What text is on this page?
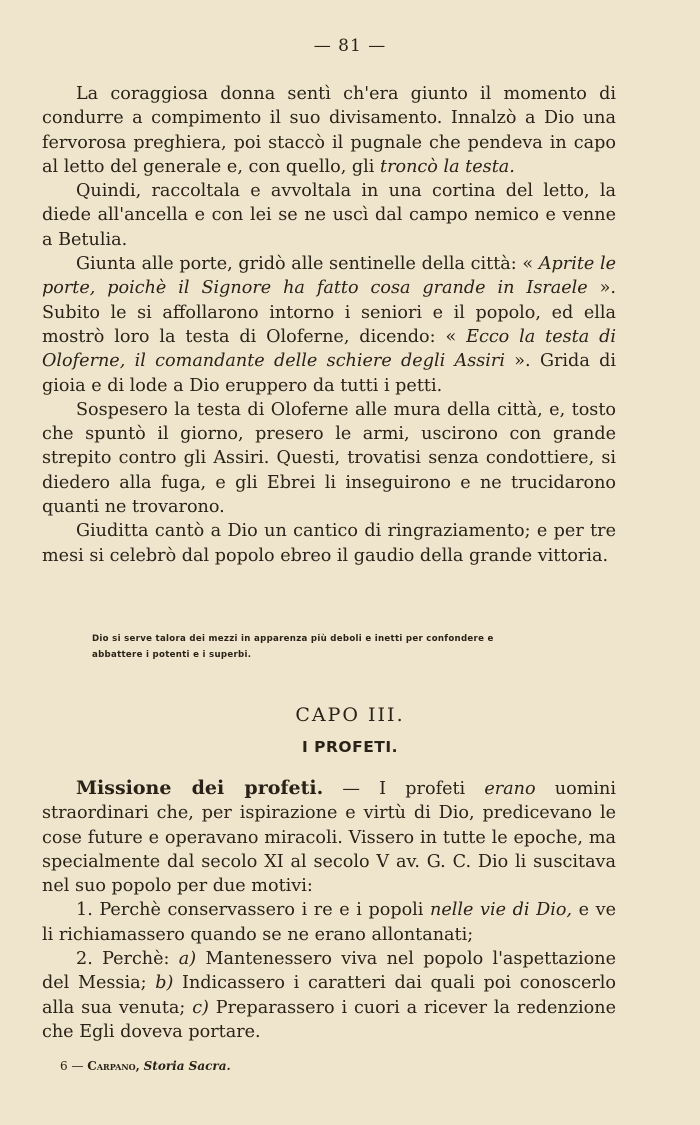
— 81 —

La coraggiosa donna sentì ch'era giunto il momento di condurre a compimento il suo divisamento. Innalzò a Dio una fervorosa preghiera, poi staccò il pugnale che pendeva in capo al letto del generale e, con quello, gli troncò la testa.

Quindi, raccoltala e avvoltala in una cortina del letto, la diede all'ancella e con lei se ne uscì dal campo nemico e venne a Betulia.

Giunta alle porte, gridò alle sentinelle della città: « Aprite le porte, poichè il Signore ha fatto cosa grande in Israele ». Subito le si affollarono intorno i seniori e il popolo, ed ella mostrò loro la testa di Oloferne, dicendo: « Ecco la testa di Oloferne, il comandante delle schiere degli Assiri ». Grida di gioia e di lode a Dio eruppero da tutti i petti.

Sospesero la testa di Oloferne alle mura della città, e, tosto che spuntò il giorno, presero le armi, uscirono con grande strepito contro gli Assiri. Questi, trovatisi senza condottiere, si diedero alla fuga, e gli Ebrei li inseguirono e ne trucidarono quanti ne trovarono.

Giuditta cantò a Dio un cantico di ringraziamento; e per tre mesi si celebrò dal popolo ebreo il gaudio della grande vittoria.

Dio si serve talora dei mezzi in apparenza più deboli e inetti per confondere e
abbattere i potenti e i superbi.
CAPO III.
I PROFETI.

Missione dei profeti. — I profeti erano uomini straordinari che, per ispirazione e virtù di Dio, predicevano le cose future e operavano miracoli. Vissero in tutte le epoche, ma specialmente dal secolo XI al secolo V av. G. C. Dio li suscitava nel suo popolo per due motivi:

1. Perchè conservassero i re e i popoli nelle vie di Dio, e ve li richiamassero quando se ne erano allontanati;

2. Perchè: a) Mantenessero viva nel popolo l'aspettazione del Messia; b) Indicassero i caratteri dai quali poi conoscerlo alla sua venuta; c) Preparassero i cuori a ricever la redenzione che Egli doveva portare.

6 — Carpano, Storia Sacra.
